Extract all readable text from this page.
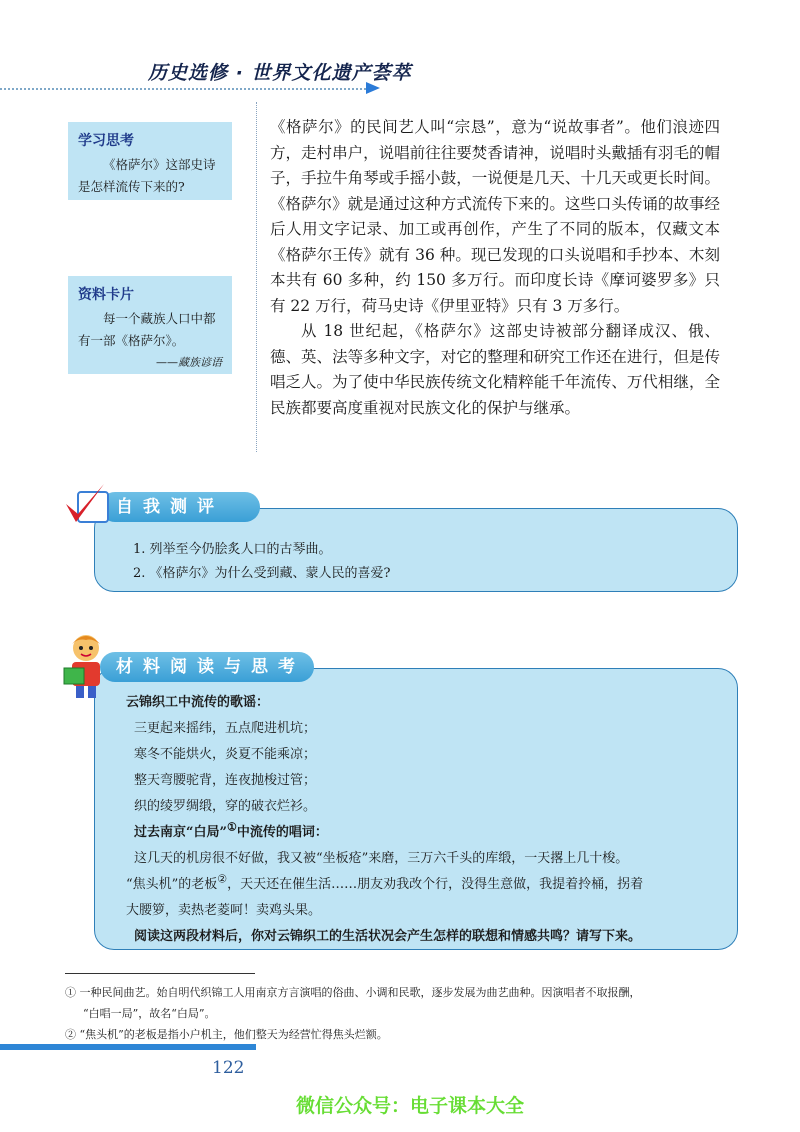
历史选修 · 世界文化遗产荟萃
学习思考

《格萨尔》这部史诗是怎样流传下来的?

资料卡片

每一个藏族人口中都有一部《格萨尔》。

——藏族谚语

《格萨尔》的民间艺人叫“宗恳”，意为“说故事者”。他们浪迹四方，走村串户，说唱前往往要焚香请神，说唱时头戴插有羽毛的帽子，手拉牛角琴或手摇小鼓，一说便是几天、十几天或更长时间。《格萨尔》就是通过这种方式流传下来的。这些口头传诵的故事经后人用文字记录、加工或再创作，产生了不同的版本，仅藏文本《格萨尔王传》就有 36 种。现已发现的口头说唱和手抄本、木刻本共有 60 多种，约 150 多万行。而印度长诗《摩诃婆罗多》只有 22 万行，荷马史诗《伊里亚特》只有 3 万多行。

从 18 世纪起，《格萨尔》这部史诗被部分翻译成汉、俄、德、英、法等多种文字，对它的整理和研究工作还在进行，但是传唱乏人。为了使中华民族传统文化精粹能千年流传、万代相继，全民族都要高度重视对民族文化的保护与继承。

自我测评
1. 列举至今仍脍炙人口的古琴曲。
2. 《格萨尔》为什么受到藏、蒙人民的喜爱?
材料阅读与思考
云锦织工中流传的歌谣：
三更起来摇纬，五点爬进机坑；
寒冬不能烘火，炎夏不能乘凉；
整天弯腰驼背，连夜抛梭过管；
织的绫罗绸缎，穿的破衣烂衫。
过去南京“白局”①中流传的唱词：
这几天的机房很不好做，我又被“坐板疮”来磨，三万六千头的库缎，一天撂上几十梭。
“焦头机”的老板②，天天还在催生活……朋友劝我改个行，没得生意做，我提着拎桶，拐着
大腰箩，卖热老菱呵！卖鸡头果。
阅读这两段材料后，你对云锦织工的生活状况会产生怎样的联想和情感共鸣？请写下来。
① 一种民间曲艺。始自明代织锦工人用南京方言演唱的俗曲、小调和民歌，逐步发展为曲艺曲种。因演唱者不取报酬，
“白唱一局”，故名“白局”。
② “焦头机”的老板是指小户机主，他们整天为经营忙得焦头烂额。
122
微信公众号：电子课本大全
